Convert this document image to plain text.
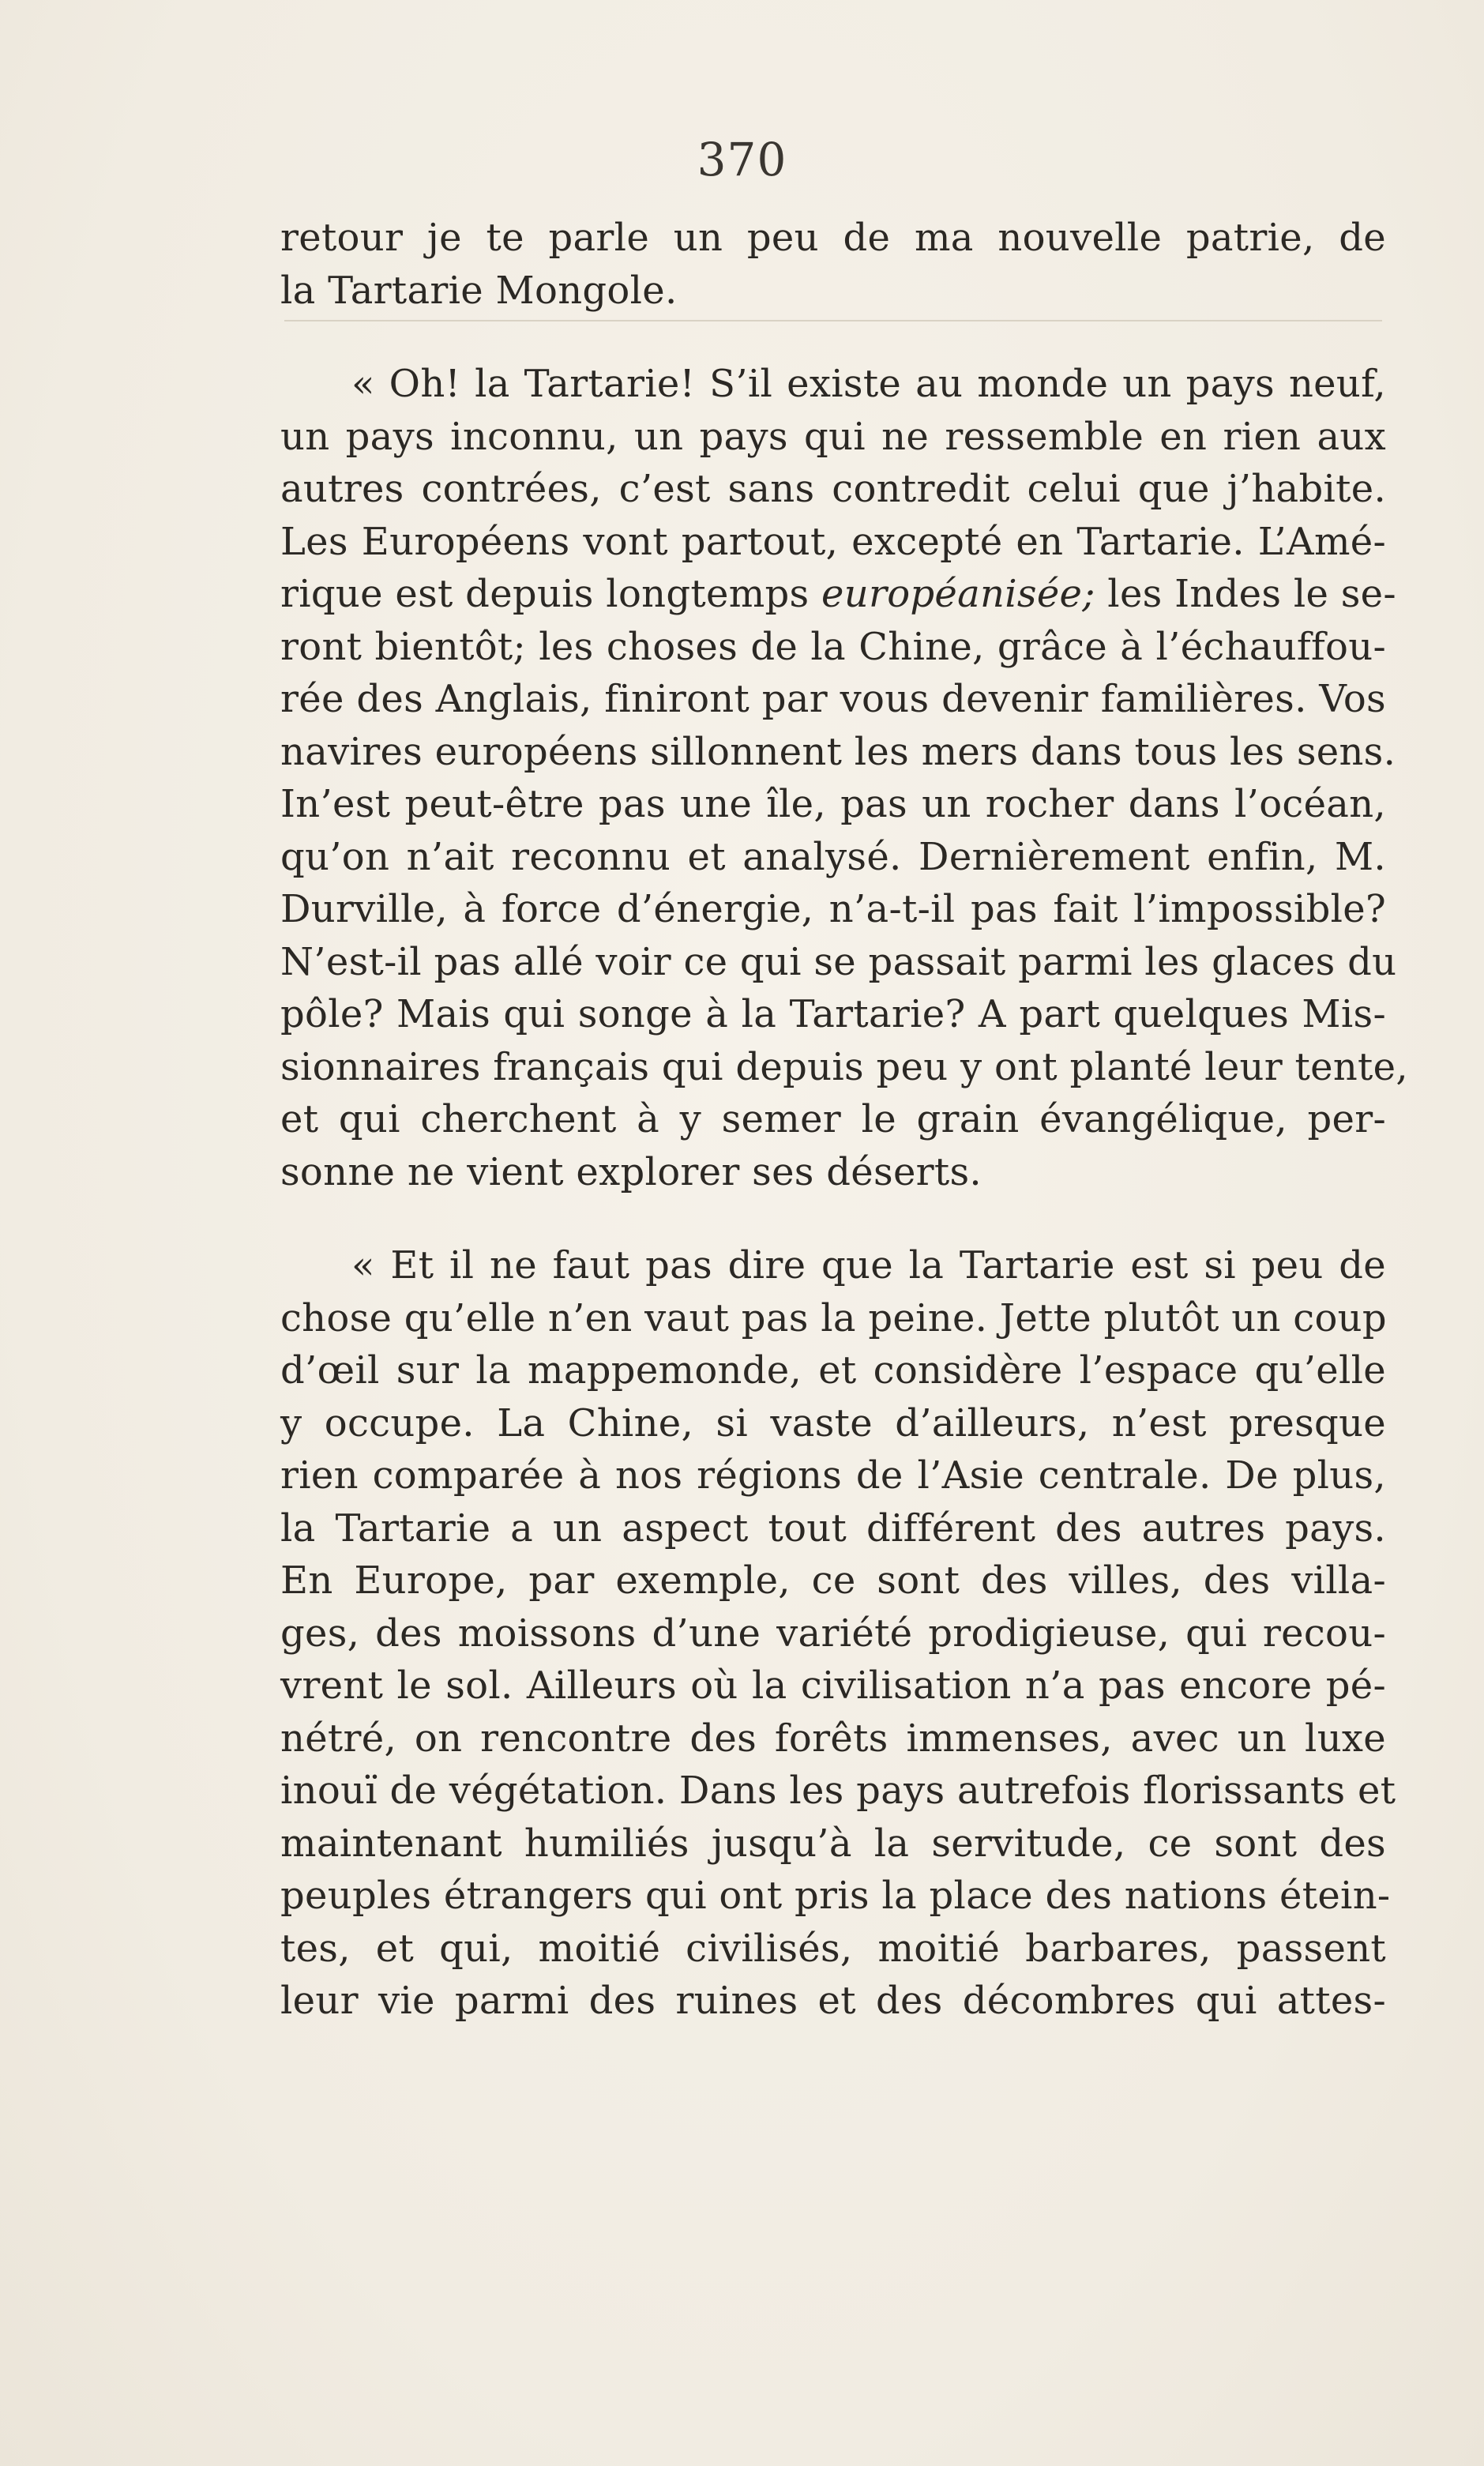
370
retour je te parle un peu de ma nouvelle patrie, de
la Tartarie Mongole.
« Oh! la Tartarie! S’il existe au monde un pays neuf,
un pays inconnu, un pays qui ne ressemble en rien aux
autres contrées, c’est sans contredit celui que j’habite.
Les Européens vont partout, excepté en Tartarie. L’Amé-
rique est depuis longtemps européanisée; les Indes le se-
ront bientôt; les choses de la Chine, grâce à l’échauffou-
rée des Anglais, finiront par vous devenir familières. Vos
navires européens sillonnent les mers dans tous les sens.
In’est peut-être pas une île, pas un rocher dans l’océan,
qu’on n’ait reconnu et analysé. Dernièrement enfin, M.
Durville, à force d’énergie, n’a-t-il pas fait l’impossible?
N’est-il pas allé voir ce qui se passait parmi les glaces du
pôle? Mais qui songe à la Tartarie? A part quelques Mis-
sionnaires français qui depuis peu y ont planté leur tente,
et qui cherchent à y semer le grain évangélique, per-
sonne ne vient explorer ses déserts.
« Et il ne faut pas dire que la Tartarie est si peu de
chose qu’elle n’en vaut pas la peine. Jette plutôt un coup
d’œil sur la mappemonde, et considère l’espace qu’elle
y occupe. La Chine, si vaste d’ailleurs, n’est presque
rien comparée à nos régions de l’Asie centrale. De plus,
la Tartarie a un aspect tout différent des autres pays.
En Europe, par exemple, ce sont des villes, des villa-
ges, des moissons d’une variété prodigieuse, qui recou-
vrent le sol. Ailleurs où la civilisation n’a pas encore pé-
nétré, on rencontre des forêts immenses, avec un luxe
inouï de végétation. Dans les pays autrefois florissants et
maintenant humiliés jusqu’à la servitude, ce sont des
peuples étrangers qui ont pris la place des nations étein-
tes, et qui, moitié civilisés, moitié barbares, passent
leur vie parmi des ruines et des décombres qui attes-
